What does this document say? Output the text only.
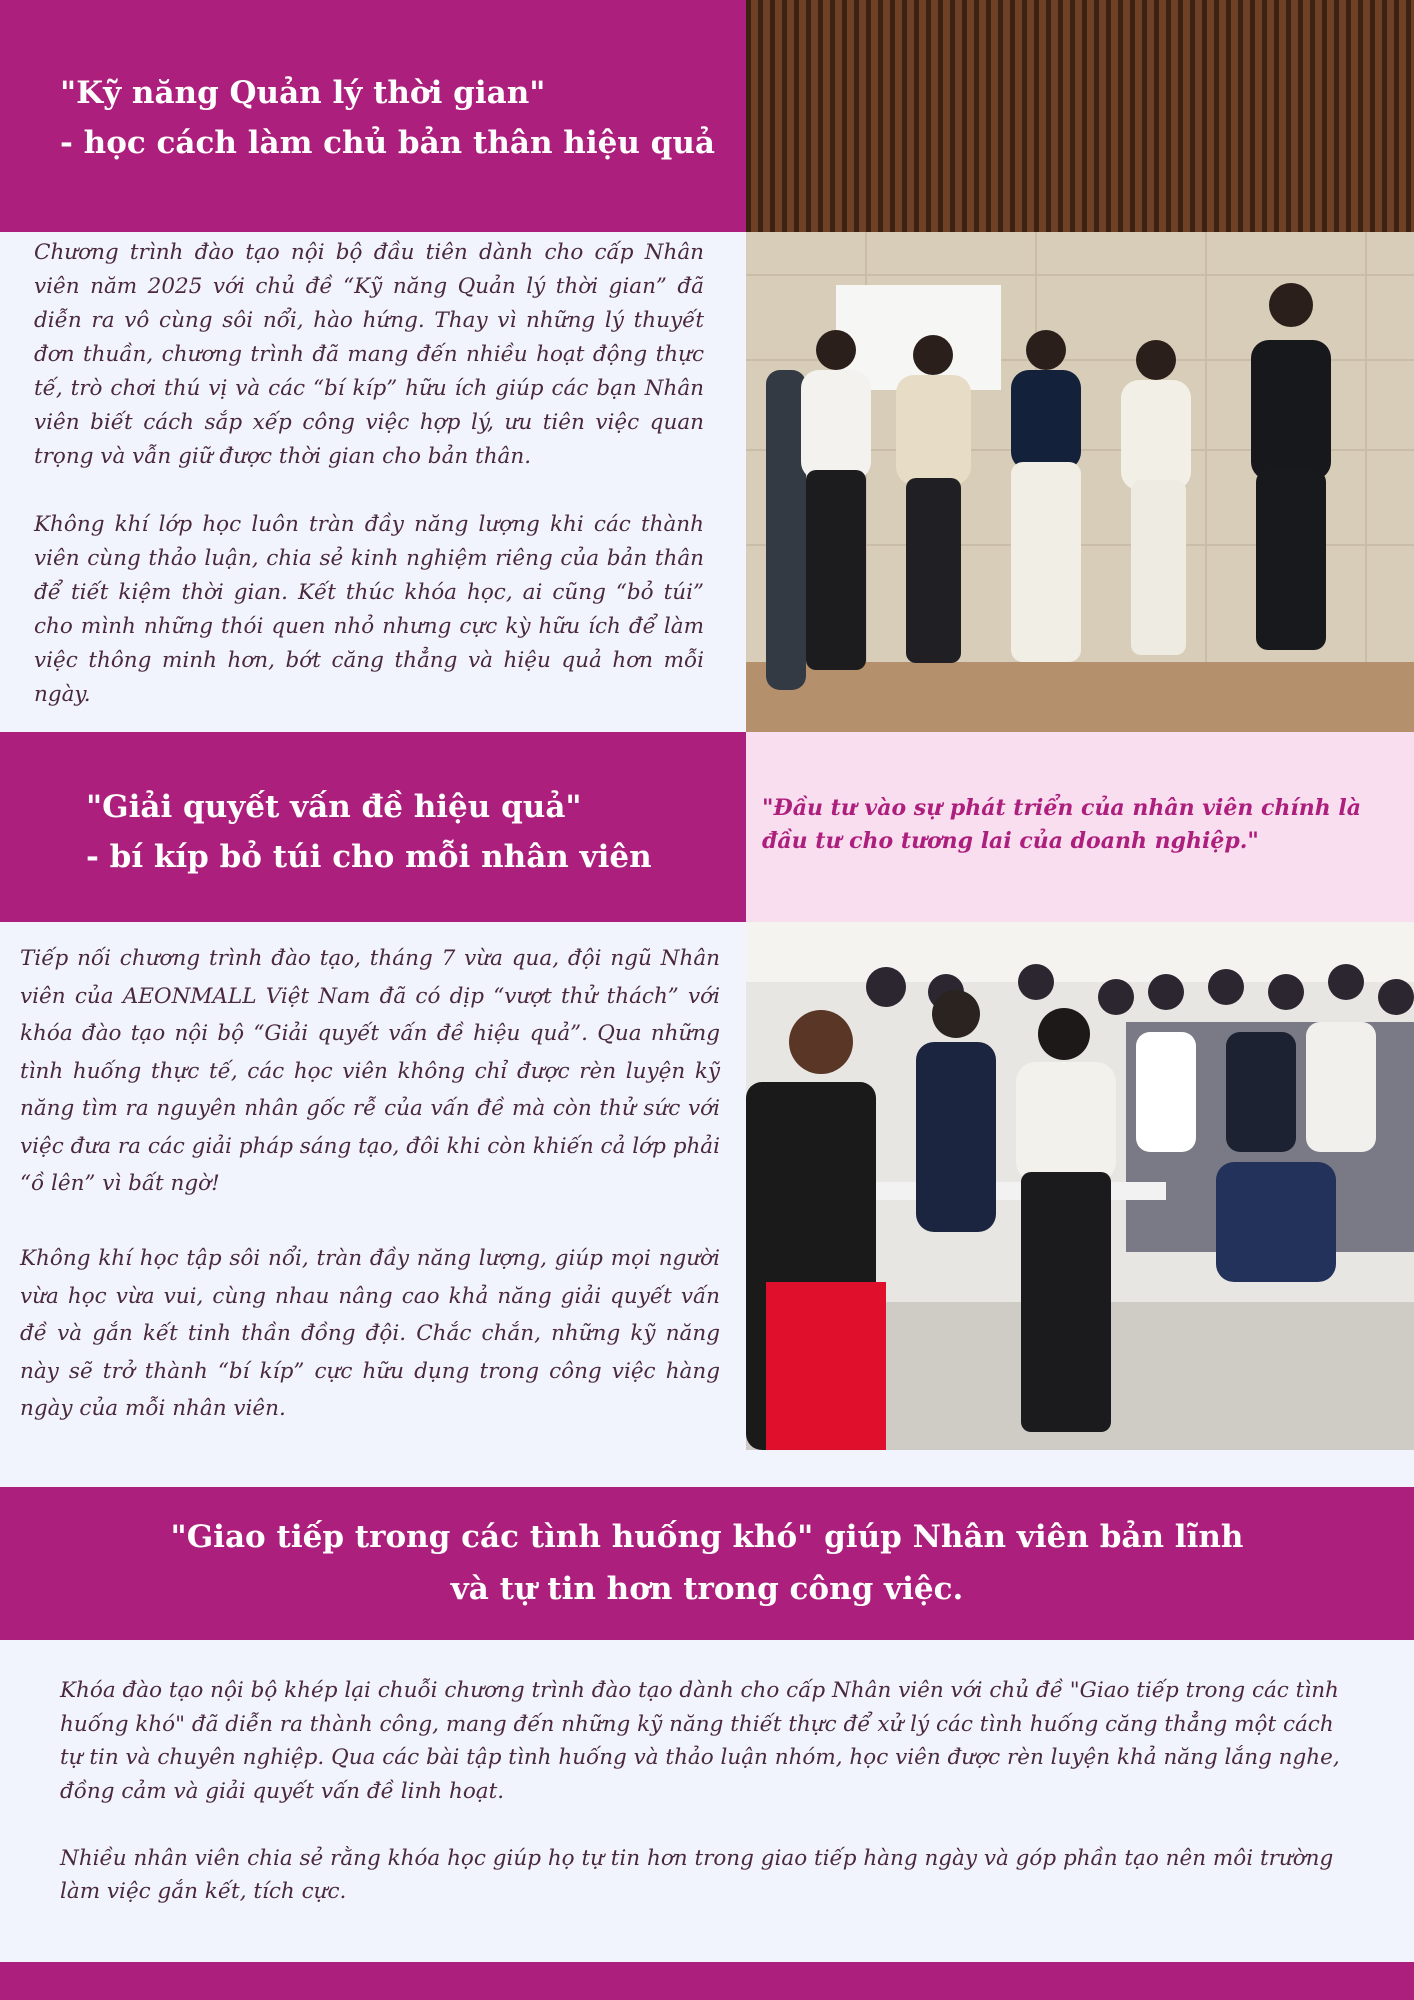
"Kỹ năng Quản lý thời gian"
- học cách làm chủ bản thân hiệu quả

Chương trình đào tạo nội bộ đầu tiên dành cho cấp Nhân viên năm 2025 với chủ đề “Kỹ năng Quản lý thời gian” đã diễn ra vô cùng sôi nổi, hào hứng. Thay vì những lý thuyết đơn thuần, chương trình đã mang đến nhiều hoạt động thực tế, trò chơi thú vị và các “bí kíp” hữu ích giúp các bạn Nhân viên biết cách sắp xếp công việc hợp lý, ưu tiên việc quan trọng và vẫn giữ được thời gian cho bản thân.

Không khí lớp học luôn tràn đầy năng lượng khi các thành viên cùng thảo luận, chia sẻ kinh nghiệm riêng của bản thân để tiết kiệm thời gian. Kết thúc khóa học, ai cũng “bỏ túi” cho mình những thói quen nhỏ nhưng cực kỳ hữu ích để làm việc thông minh hơn, bớt căng thẳng và hiệu quả hơn mỗi ngày.

"Giải quyết vấn đề hiệu quả"
- bí kíp bỏ túi cho mỗi nhân viên

"Đầu tư vào sự phát triển của nhân viên chính là đầu tư cho tương lai của doanh nghiệp."

Tiếp nối chương trình đào tạo, tháng 7 vừa qua, đội ngũ Nhân viên của AEONMALL Việt Nam đã có dịp “vượt thử thách” với khóa đào tạo nội bộ “Giải quyết vấn đề hiệu quả”. Qua những tình huống thực tế, các học viên không chỉ được rèn luyện kỹ năng tìm ra nguyên nhân gốc rễ của vấn đề mà còn thử sức với việc đưa ra các giải pháp sáng tạo, đôi khi còn khiến cả lớp phải “ồ lên” vì bất ngờ!

Không khí học tập sôi nổi, tràn đầy năng lượng, giúp mọi người vừa học vừa vui, cùng nhau nâng cao khả năng giải quyết vấn đề và gắn kết tinh thần đồng đội. Chắc chắn, những kỹ năng này sẽ trở thành “bí kíp” cực hữu dụng trong công việc hàng ngày của mỗi nhân viên.

"Giao tiếp trong các tình huống khó" giúp Nhân viên bản lĩnh
và tự tin hơn trong công việc.

Khóa đào tạo nội bộ khép lại chuỗi chương trình đào tạo dành cho cấp Nhân viên với chủ đề "Giao tiếp trong các tình huống khó" đã diễn ra thành công, mang đến những kỹ năng thiết thực để xử lý các tình huống căng thẳng một cách tự tin và chuyên nghiệp. Qua các bài tập tình huống và thảo luận nhóm, học viên được rèn luyện khả năng lắng nghe, đồng cảm và giải quyết vấn đề linh hoạt.

Nhiều nhân viên chia sẻ rằng khóa học giúp họ tự tin hơn trong giao tiếp hàng ngày và góp phần tạo nên môi trường làm việc gắn kết, tích cực.
